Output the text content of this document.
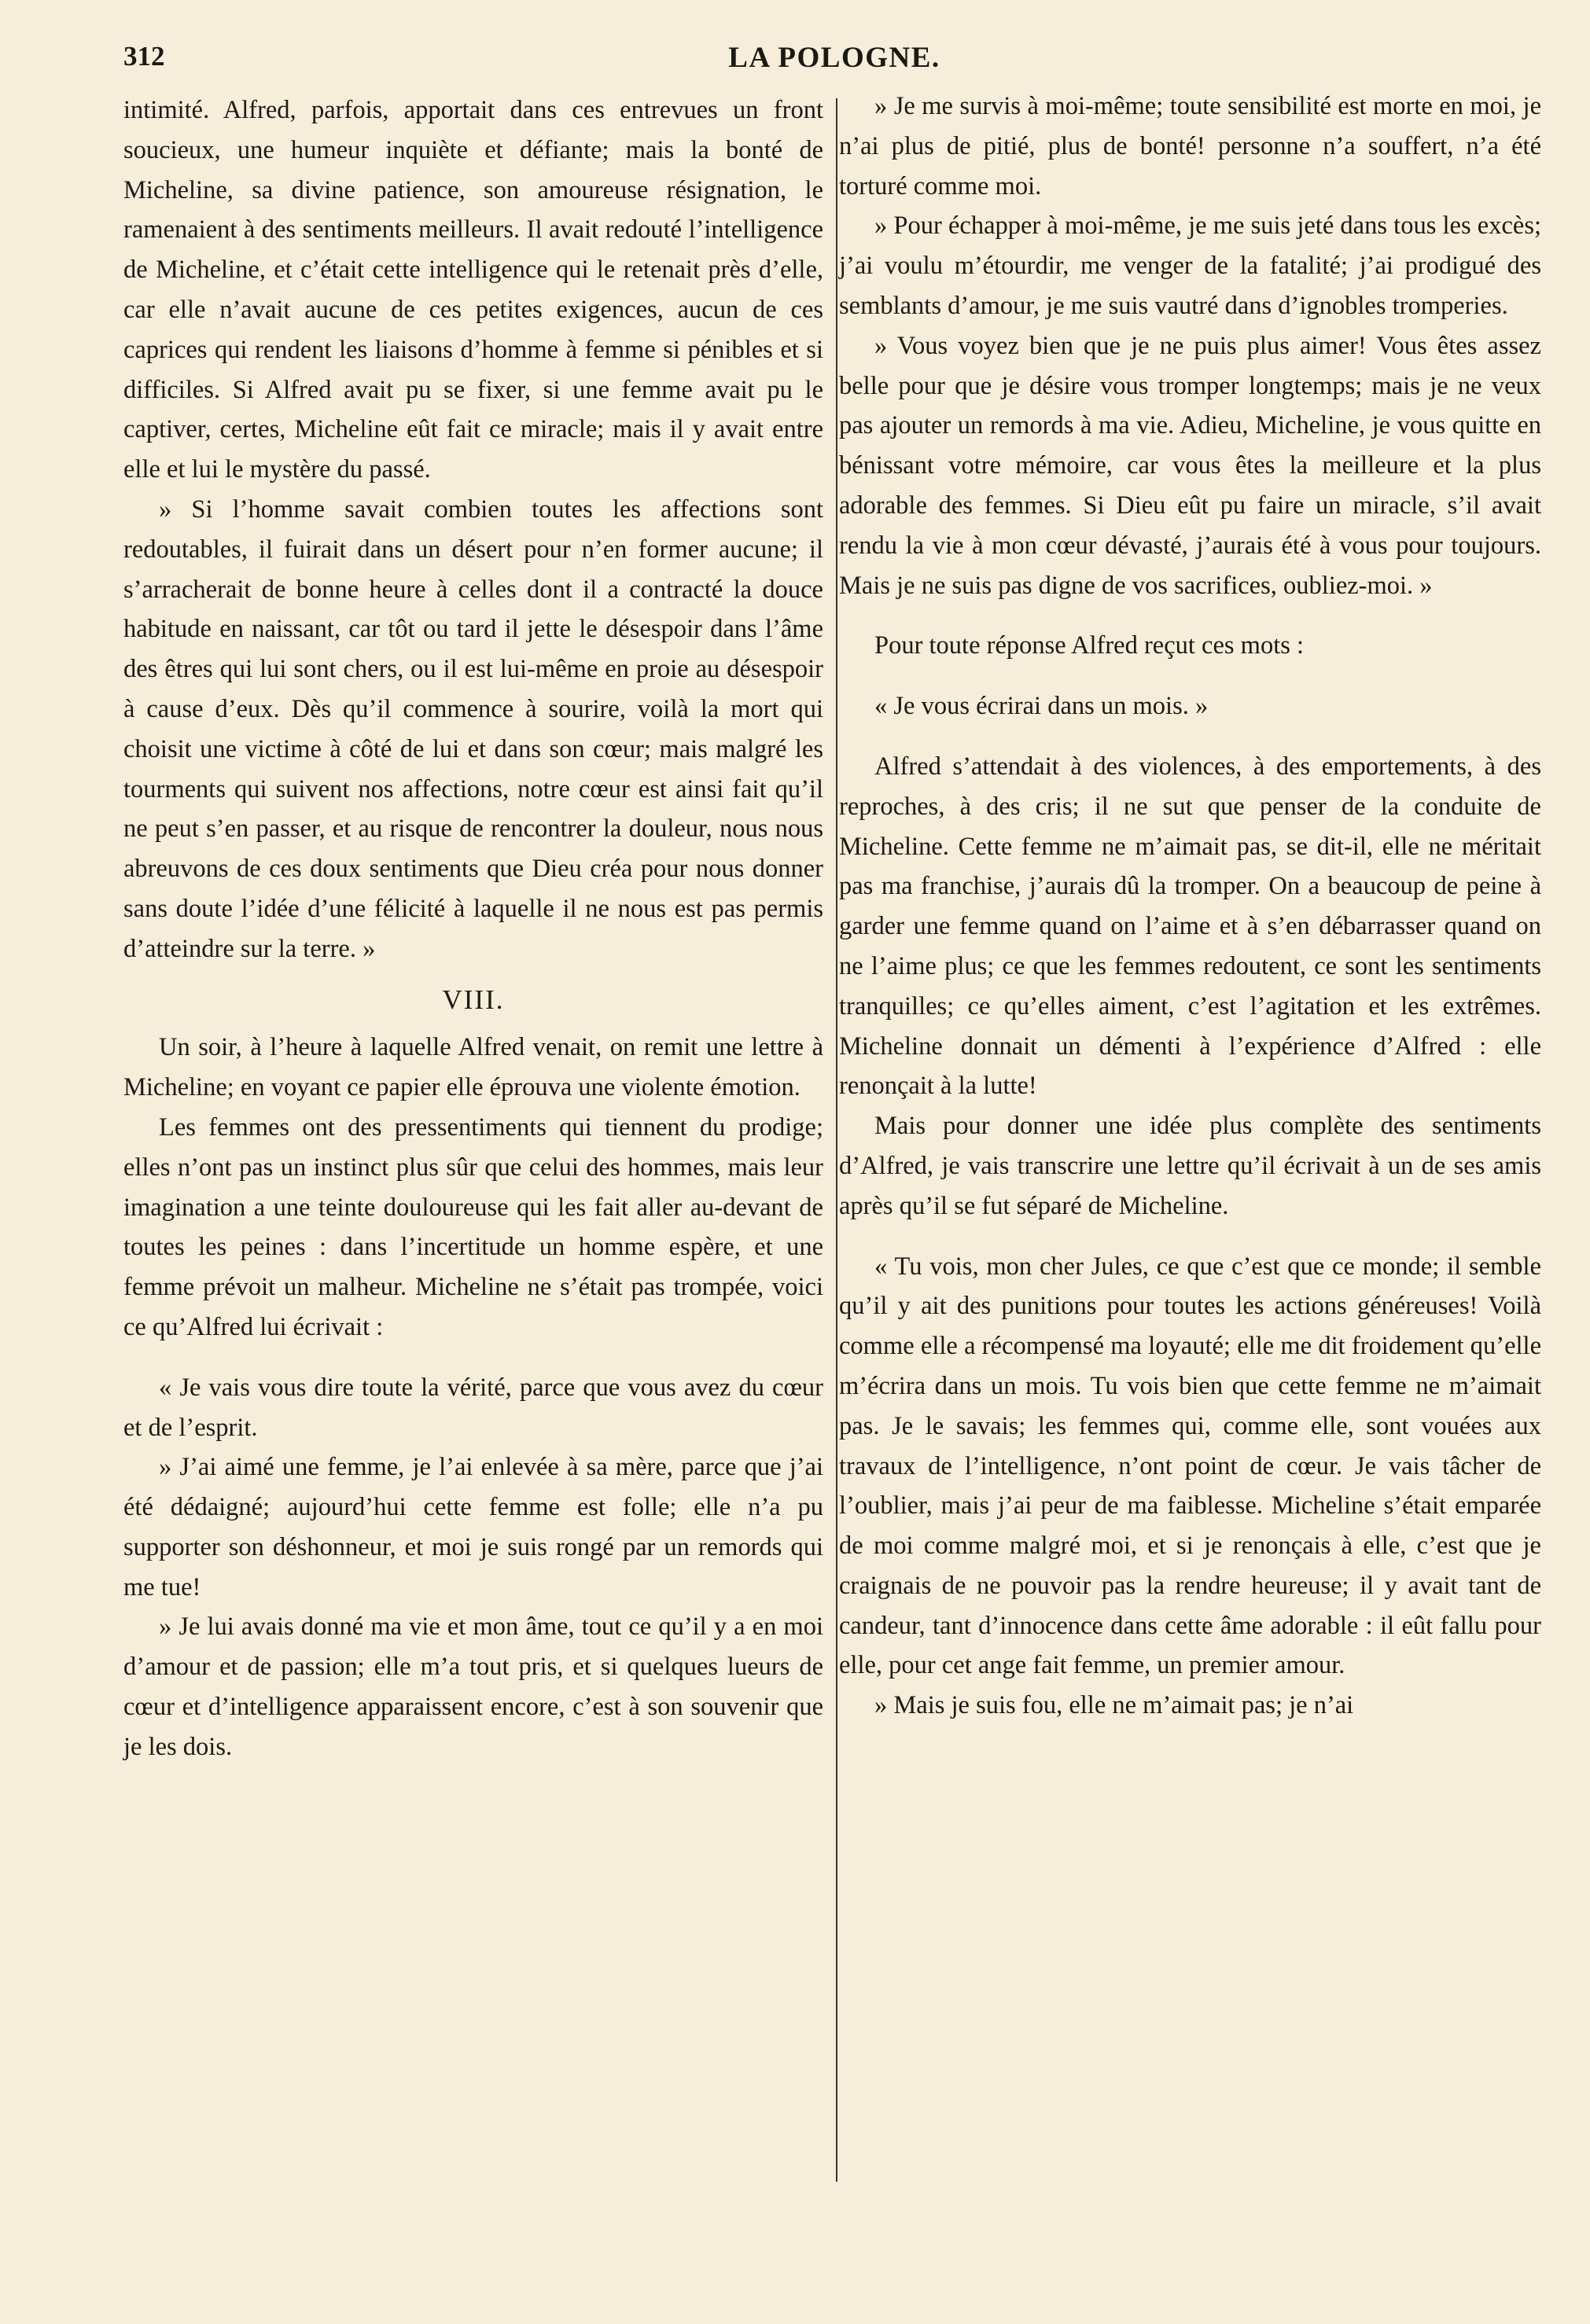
312	LA POLOGNE.

intimité. Alfred, parfois, apportait dans ces entrevues un front soucieux, une humeur inquiète et défiante; mais la bonté de Micheline, sa divine patience, son amoureuse résignation, le ramenaient à des sentiments meilleurs. Il avait redouté l’intelligence de Micheline, et c’était cette intelligence qui le retenait près d’elle, car elle n’avait aucune de ces petites exigences, aucun de ces caprices qui rendent les liaisons d’homme à femme si pénibles et si difficiles. Si Alfred avait pu se fixer, si une femme avait pu le captiver, certes, Micheline eût fait ce miracle; mais il y avait entre elle et lui le mystère du passé.

» Si l’homme savait combien toutes les affections sont redoutables, il fuirait dans un désert pour n’en former aucune; il s’arracherait de bonne heure à celles dont il a contracté la douce habitude en naissant, car tôt ou tard il jette le désespoir dans l’âme des êtres qui lui sont chers, ou il est lui-même en proie au désespoir à cause d’eux. Dès qu’il commence à sourire, voilà la mort qui choisit une victime à côté de lui et dans son cœur; mais malgré les tourments qui suivent nos affections, notre cœur est ainsi fait qu’il ne peut s’en passer, et au risque de rencontrer la douleur, nous nous abreuvons de ces doux sentiments que Dieu créa pour nous donner sans doute l’idée d’une félicité à laquelle il ne nous est pas permis d’atteindre sur la terre. »

VIII.

Un soir, à l’heure à laquelle Alfred venait, on remit une lettre à Micheline; en voyant ce papier elle éprouva une violente émotion.

Les femmes ont des pressentiments qui tiennent du prodige; elles n’ont pas un instinct plus sûr que celui des hommes, mais leur imagination a une teinte douloureuse qui les fait aller au-devant de toutes les peines : dans l’incertitude un homme espère, et une femme prévoit un malheur. Micheline ne s’était pas trompée, voici ce qu’Alfred lui écrivait :

« Je vais vous dire toute la vérité, parce que vous avez du cœur et de l’esprit.

» J’ai aimé une femme, je l’ai enlevée à sa mère, parce que j’ai été dédaigné; aujourd’hui cette femme est folle; elle n’a pu supporter son déshonneur, et moi je suis rongé par un remords qui me tue!

» Je lui avais donné ma vie et mon âme, tout ce qu’il y a en moi d’amour et de passion; elle m’a tout pris, et si quelques lueurs de cœur et d’intelligence apparaissent encore, c’est à son souvenir que je les dois.

» Je me survis à moi-même; toute sensibilité est morte en moi, je n’ai plus de pitié, plus de bonté! personne n’a souffert, n’a été torturé comme moi.

» Pour échapper à moi-même, je me suis jeté dans tous les excès; j’ai voulu m’étourdir, me venger de la fatalité; j’ai prodigué des semblants d’amour, je me suis vautré dans d’ignobles tromperies.

» Vous voyez bien que je ne puis plus aimer! Vous êtes assez belle pour que je désire vous tromper longtemps; mais je ne veux pas ajouter un remords à ma vie. Adieu, Micheline, je vous quitte en bénissant votre mémoire, car vous êtes la meilleure et la plus adorable des femmes. Si Dieu eût pu faire un miracle, s’il avait rendu la vie à mon cœur dévasté, j’aurais été à vous pour toujours. Mais je ne suis pas digne de vos sacrifices, oubliez-moi. »

Pour toute réponse Alfred reçut ces mots :

« Je vous écrirai dans un mois. »

Alfred s’attendait à des violences, à des emportements, à des reproches, à des cris; il ne sut que penser de la conduite de Micheline. Cette femme ne m’aimait pas, se dit-il, elle ne méritait pas ma franchise, j’aurais dû la tromper. On a beaucoup de peine à garder une femme quand on l’aime et à s’en débarrasser quand on ne l’aime plus; ce que les femmes redoutent, ce sont les sentiments tranquilles; ce qu’elles aiment, c’est l’agitation et les extrêmes. Micheline donnait un démenti à l’expérience d’Alfred : elle renonçait à la lutte!

Mais pour donner une idée plus complète des sentiments d’Alfred, je vais transcrire une lettre qu’il écrivait à un de ses amis après qu’il se fut séparé de Micheline.

« Tu vois, mon cher Jules, ce que c’est que ce monde; il semble qu’il y ait des punitions pour toutes les actions généreuses! Voilà comme elle a récompensé ma loyauté; elle me dit froidement qu’elle m’écrira dans un mois. Tu vois bien que cette femme ne m’aimait pas. Je le savais; les femmes qui, comme elle, sont vouées aux travaux de l’intelligence, n’ont point de cœur. Je vais tâcher de l’oublier, mais j’ai peur de ma faiblesse. Micheline s’était emparée de moi comme malgré moi, et si je renonçais à elle, c’est que je craignais de ne pouvoir pas la rendre heureuse; il y avait tant de candeur, tant d’innocence dans cette âme adorable : il eût fallu pour elle, pour cet ange fait femme, un premier amour.

» Mais je suis fou, elle ne m’aimait pas; je n’ai
